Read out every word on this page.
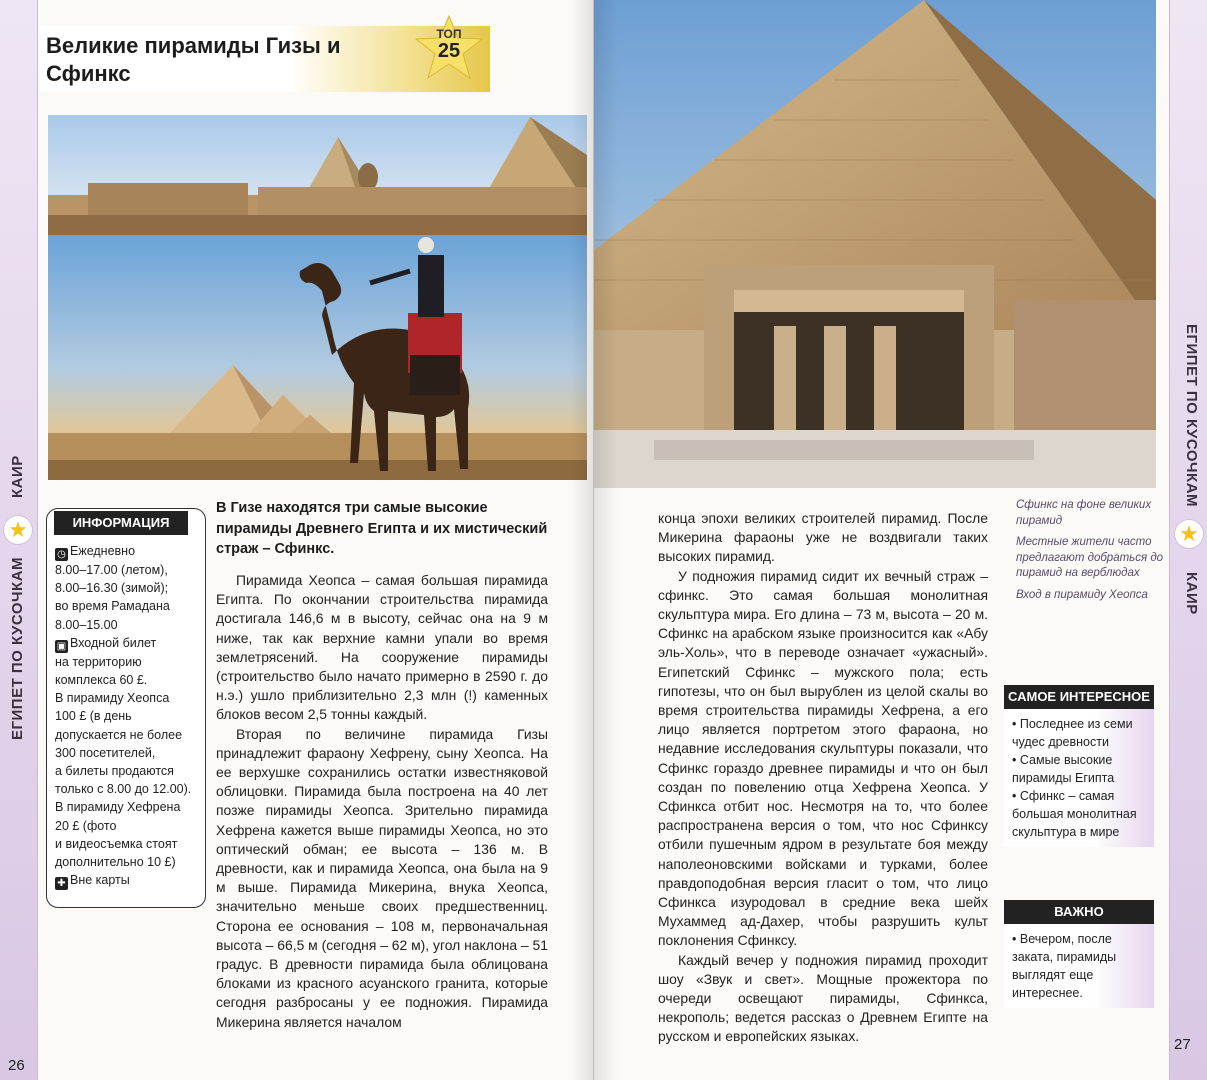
КАИР
★
ЕГИПЕТ ПО КУСОЧКАМ
Великие пирамиды Гизы и Сфинкс
ТОП
25
ИНФОРМАЦИЯ
◷ Ежедневно
8.00–17.00 (летом),
8.00–16.30 (зимой);
во время Рамадана
8.00–15.00
▣ Входной билет
на территорию
комплекса 60 £.
В пирамиду Хеопса
100 £ (в день
допускается не более
300 посетителей,
а билеты продаются
только с 8.00 до 12.00).
В пирамиду Хефрена
20 £ (фото
и видеосъемка стоят
дополнительно 10 £)
✚ Вне карты
В Гизе находятся три самые высокие пирамиды Древнего Египта и их мистический страж – Сфинкс.

Пирамида Хеопса – самая большая пирамида Египта. По окончании строительства пирамида достигала 146,6 м в высоту, сейчас она на 9 м ниже, так как верхние камни упали во время землетрясений. На сооружение пирамиды (строительство было начато примерно в 2590 г. до н.э.) ушло приблизительно 2,3 млн (!) каменных блоков весом 2,5 тонны каждый.

Вторая по величине пирамида Гизы принадлежит фараону Хефрену, сыну Хеопса. На ее верхушке сохранились остатки известняковой облицовки. Пирамида была построена на 40 лет позже пирамиды Хеопса. Зрительно пирамида Хефрена кажется выше пирамиды Хеопса, но это оптический обман; ее высота – 136 м. В древности, как и пирамида Хеопса, она была на 9 м выше. Пирамида Микерина, внука Хеопса, значительно меньше своих предшественниц. Сторона ее основания – 108 м, первоначальная высота – 66,5 м (сегодня – 62 м), угол наклона – 51 градус. В древности пирамида была облицована блоками из красного асуанского гранита, которые сегодня разбросаны у ее подножия. Пирамида Микерина является началом

26
ЕГИПЕТ ПО КУСОЧКАМ
★
КАИР

конца эпохи великих строителей пирамид. После Микерина фараоны уже не воздвигали таких высоких пирамид.

У подножия пирамид сидит их вечный страж – сфинкс. Это самая большая монолитная скульптура мира. Его длина – 73 м, высота – 20 м. Сфинкс на арабском языке произносится как «Абу эль-Холь», что в переводе означает «ужасный». Египетский Сфинкс – мужского пола; есть гипотезы, что он был вырублен из целой скалы во время строительства пирамиды Хефрена, а его лицо является портретом этого фараона, но недавние исследования скульптуры показали, что Сфинкс гораздо древнее пирамиды и что он был создан по повелению отца Хефрена Хеопса. У Сфинкса отбит нос. Несмотря на то, что более распространена версия о том, что нос Сфинксу отбили пушечным ядром в результате боя между наполеоновскими войсками и турками, более правдоподобная версия гласит о том, что лицо Сфинкса изуродовал в средние века шейх Мухаммед ад-Дахер, чтобы разрушить культ поклонения Сфинксу.

Каждый вечер у подножия пирамид проходит шоу «Звук и свет». Мощные прожектора по очереди освещают пирамиды, Сфинкса, некрополь; ведется рассказ о Древнем Египте на русском и европейских языках.

Сфинкс на фоне великих пирамид
Местные жители часто предлагают добраться до пирамид на верблюдах
Вход в пирамиду Хеопса
САМОЕ ИНТЕРЕСНОЕ
• Последнее из семи чудес древности
• Самые высокие пирамиды Египта
• Сфинкс – самая большая монолитная скульптура в мире
ВАЖНО
• Вечером, после заката, пирамиды выглядят еще интереснее.
27
